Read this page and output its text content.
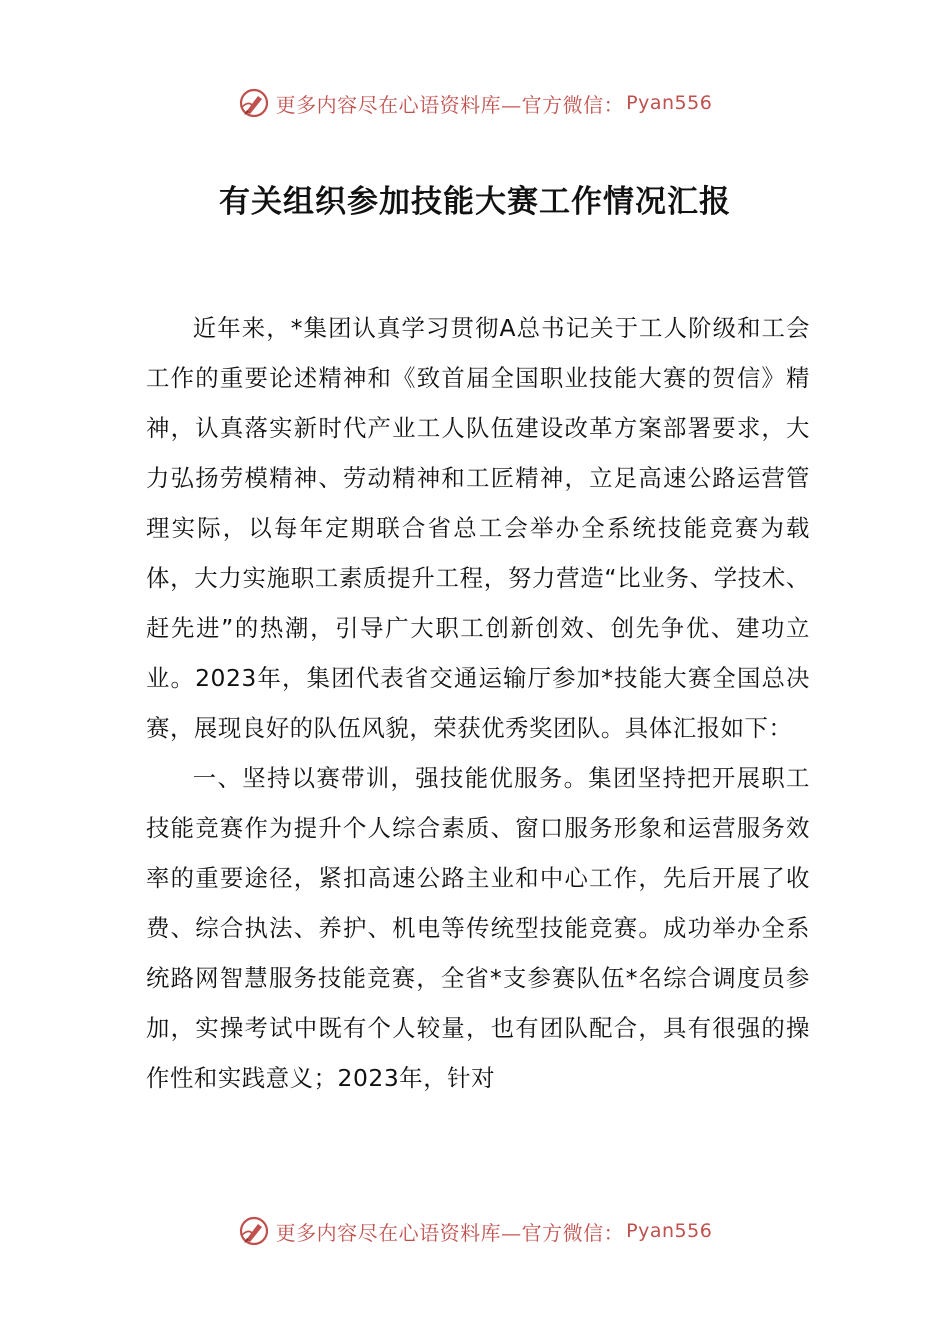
更多内容尽在心语资料库—官方微信： Pyan556
有关组织参加技能大赛工作情况汇报

近年来，*集团认真学习贯彻A总书记关于工人阶级和工会工作的重要论述精神和《致首届全国职业技能大赛的贺信》精神，认真落实新时代产业工人队伍建设改革方案部署要求，大力弘扬劳模精神、劳动精神和工匠精神，立足高速公路运营管理实际，以每年定期联合省总工会举办全系统技能竞赛为载体，大力实施职工素质提升工程，努力营造“比业务、学技术、赶先进”的热潮，引导广大职工创新创效、创先争优、建功立业。2023年，集团代表省交通运输厅参加*技能大赛全国总决赛，展现良好的队伍风貌，荣获优秀奖团队。具体汇报如下：

一、坚持以赛带训，强技能优服务。集团坚持把开展职工技能竞赛作为提升个人综合素质、窗口服务形象和运营服务效率的重要途径，紧扣高速公路主业和中心工作，先后开展了收费、综合执法、养护、机电等传统型技能竞赛。成功举办全系统路网智慧服务技能竞赛，全省*支参赛队伍*名综合调度员参加，实操考试中既有个人较量，也有团队配合，具有很强的操作性和实践意义；2023年，针对

更多内容尽在心语资料库—官方微信： Pyan556
